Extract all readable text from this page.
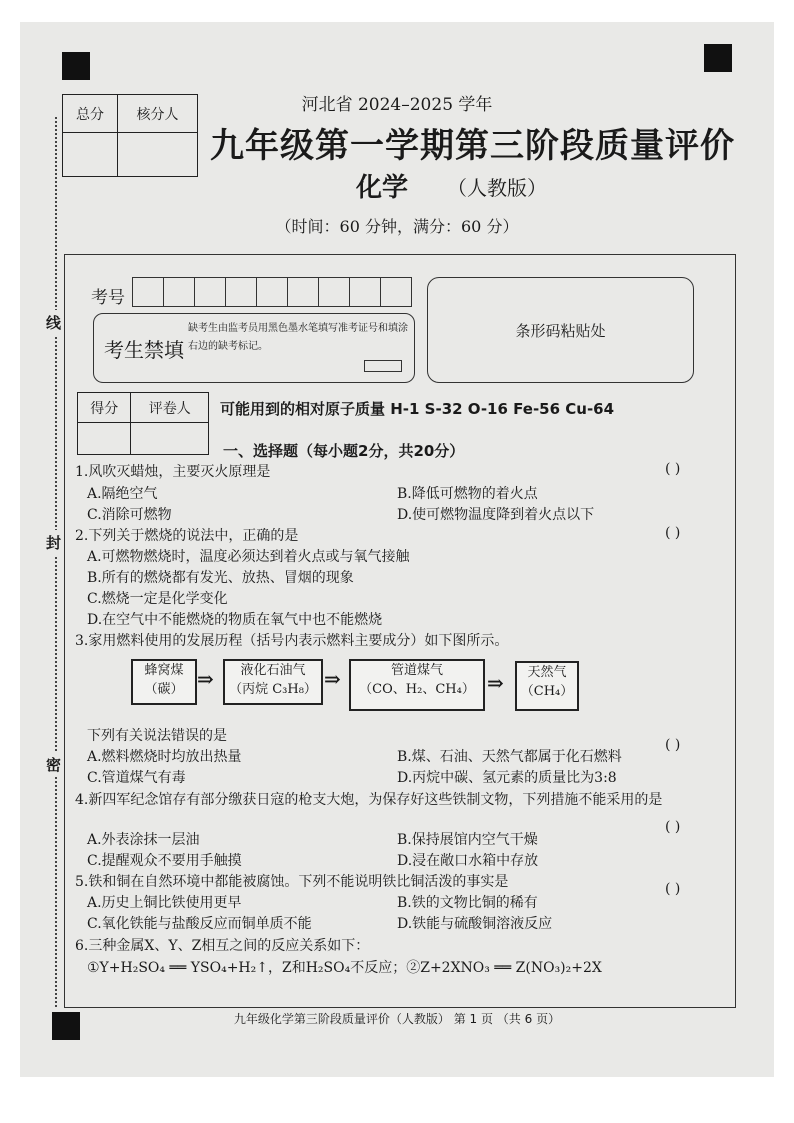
线
封
密
总分	核分人
		河北省 2024–2025 学年
九年级第一学期第三阶段质量评价
化学 （人教版）
（时间：60 分钟，满分：60 分）
考号
考生禁填
缺考生由监考员用黑色墨水笔填写准考证号和填涂右边的缺考标记。
条形码粘贴处
得分	评卷人
	可能用到的相对原子质量 H-1 S-32 O-16 Fe-56 Cu-64
一、选择题（每小题2分，共20分）
1.风吹灭蜡烛，主要灭火原理是	( )
A.隔绝空气	B.降低可燃物的着火点
C.消除可燃物	D.使可燃物温度降到着火点以下
2.下列关于燃烧的说法中，正确的是	( )
A.可燃物燃烧时，温度必须达到着火点或与氧气接触
B.所有的燃烧都有发光、放热、冒烟的现象
C.燃烧一定是化学变化
D.在空气中不能燃烧的物质在氧气中也不能燃烧
3.家用燃料使用的发展历程（括号内表示燃料主要成分）如下图所示。
蜂窝煤
（碳） ⇒	液化石油气
（丙烷 C₃H₈） ⇒	管道煤气
（CO、H₂、CH₄） ⇒	天然气
（CH₄）
下列有关说法错误的是
( )
A.燃料燃烧时均放出热量	B.煤、石油、天然气都属于化石燃料
C.管道煤气有毒	D.丙烷中碳、氢元素的质量比为3:8
4.新四军纪念馆存有部分缴获日寇的枪支大炮，为保存好这些铁制文物，下列措施不能采用的是
( )
A.外表涂抹一层油	B.保持展馆内空气干燥
C.提醒观众不要用手触摸	D.浸在敞口水箱中存放
5.铁和铜在自然环境中都能被腐蚀。下列不能说明铁比铜活泼的事实是	( )
A.历史上铜比铁使用更早	B.铁的文物比铜的稀有
C.氧化铁能与盐酸反应而铜单质不能	D.铁能与硫酸铜溶液反应
6.三种金属X、Y、Z相互之间的反应关系如下：
①Y+H₂SO₄ ══ YSO₄+H₂↑，Z和H₂SO₄不反应；②Z+2XNO₃ ══ Z(NO₃)₂+2X
九年级化学第三阶段质量评价（人教版） 第 1 页 （共 6 页）
